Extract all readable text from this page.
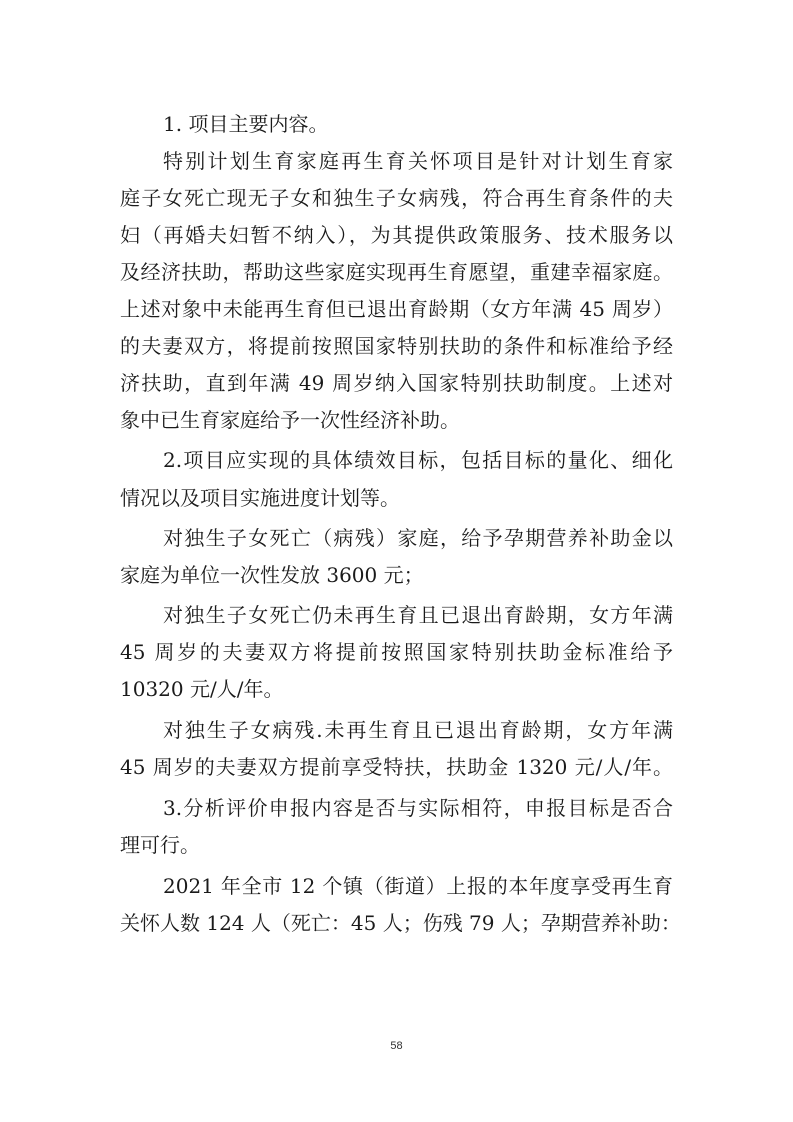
1. 项目主要内容。
特别计划生育家庭再生育关怀项目是针对计划生育家
庭子女死亡现无子女和独生子女病残，符合再生育条件的夫
妇（再婚夫妇暂不纳入），为其提供政策服务、技术服务以
及经济扶助，帮助这些家庭实现再生育愿望，重建幸福家庭。
上述对象中未能再生育但已退出育龄期（女方年满 45 周岁）
的夫妻双方，将提前按照国家特别扶助的条件和标准给予经
济扶助，直到年满 49 周岁纳入国家特别扶助制度。上述对
象中已生育家庭给予一次性经济补助。
2.项目应实现的具体绩效目标，包括目标的量化、细化
情况以及项目实施进度计划等。
对独生子女死亡（病残）家庭，给予孕期营养补助金以
家庭为单位一次性发放 3600 元；
对独生子女死亡仍未再生育且已退出育龄期，女方年满
45 周岁的夫妻双方将提前按照国家特别扶助金标准给予
10320 元/人/年。
对独生子女病残.未再生育且已退出育龄期，女方年满
45 周岁的夫妻双方提前享受特扶，扶助金 1320 元/人/年。
3.分析评价申报内容是否与实际相符，申报目标是否合
理可行。
2021 年全市 12 个镇（街道）上报的本年度享受再生育
关怀人数 124 人（死亡：45 人；伤残 79 人；孕期营养补助：
58
